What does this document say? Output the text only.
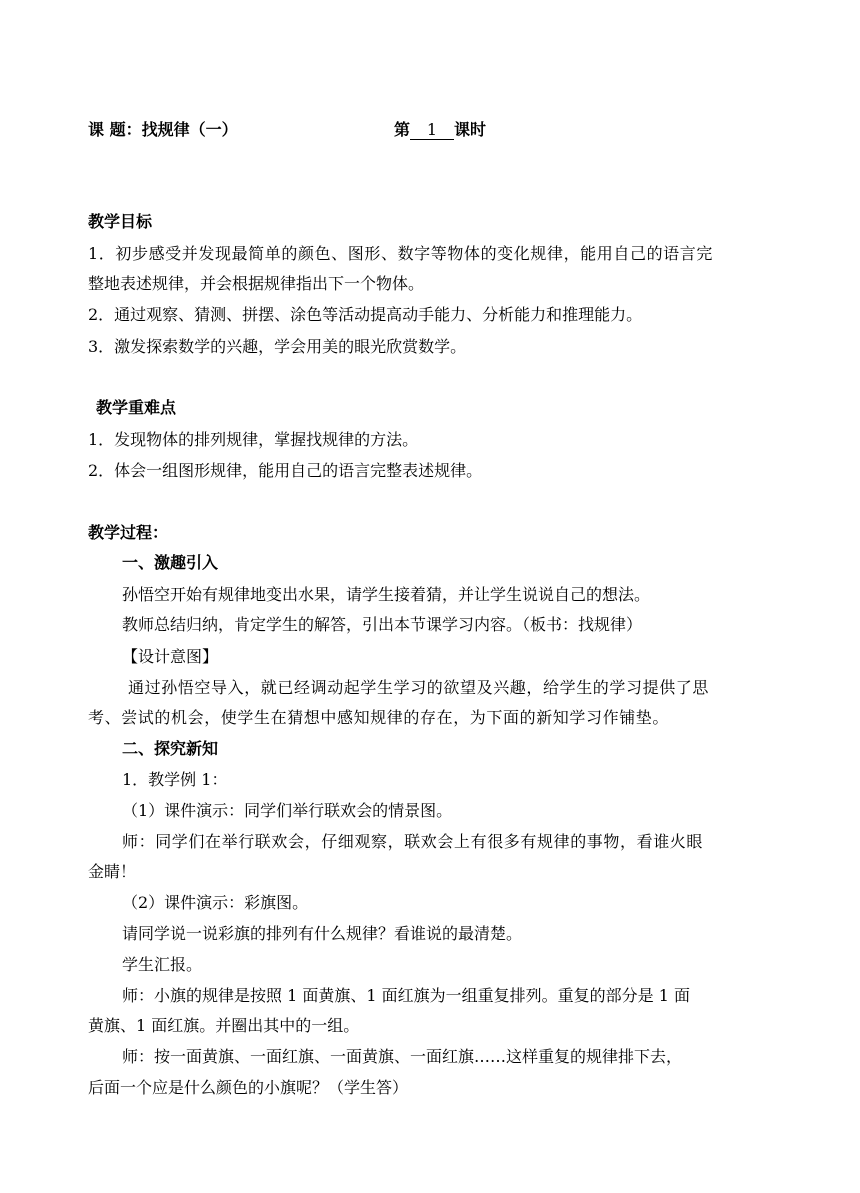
课 题：找规律（一）	第 1 课时
教学目标
1．初步感受并发现最简单的颜色、图形、数字等物体的变化规律，能用自己的语言完
整地表述规律，并会根据规律指出下一个物体。
2．通过观察、猜测、拼摆、涂色等活动提高动手能力、分析能力和推理能力。
3．激发探索数学的兴趣，学会用美的眼光欣赏数学。
教学重难点
1．发现物体的排列规律，掌握找规律的方法。
2．体会一组图形规律，能用自己的语言完整表述规律。
教学过程：
一、激趣引入
孙悟空开始有规律地变出水果，请学生接着猜，并让学生说说自己的想法。
教师总结归纳，肯定学生的解答，引出本节课学习内容。（板书：找规律）
【设计意图】
通过孙悟空导入，就已经调动起学生学习的欲望及兴趣，给学生的学习提供了思
考、尝试的机会，使学生在猜想中感知规律的存在，为下面的新知学习作铺垫。
二、探究新知
1．教学例 1：
（1）课件演示：同学们举行联欢会的情景图。
师：同学们在举行联欢会，仔细观察，联欢会上有很多有规律的事物，看谁火眼
金睛！
（2）课件演示：彩旗图。
请同学说一说彩旗的排列有什么规律？看谁说的最清楚。
学生汇报。
师：小旗的规律是按照 1 面黄旗、1 面红旗为一组重复排列。重复的部分是 1 面
黄旗、1 面红旗。并圈出其中的一组。
师：按一面黄旗、一面红旗、一面黄旗、一面红旗……这样重复的规律排下去，
后面一个应是什么颜色的小旗呢？（学生答）
